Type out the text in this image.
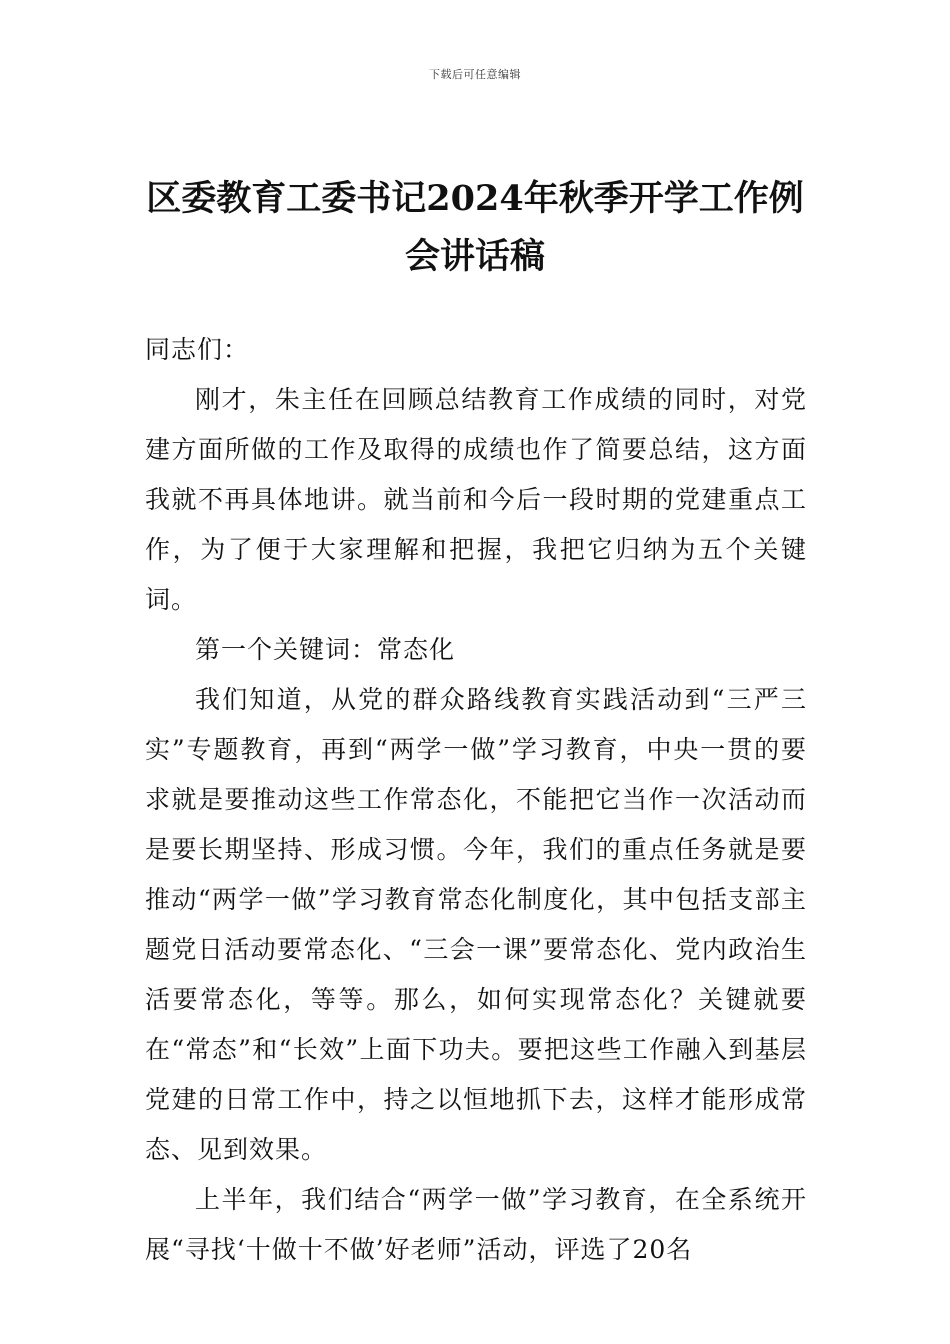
下载后可任意编辑
区委教育工委书记2024年秋季开学工作例会讲话稿

同志们：

刚才，朱主任在回顾总结教育工作成绩的同时，对党建方面所做的工作及取得的成绩也作了简要总结，这方面我就不再具体地讲。就当前和今后一段时期的党建重点工作，为了便于大家理解和把握，我把它归纳为五个关键词。

第一个关键词：常态化

我们知道，从党的群众路线教育实践活动到“三严三实”专题教育，再到“两学一做”学习教育，中央一贯的要求就是要推动这些工作常态化，不能把它当作一次活动而是要长期坚持、形成习惯。今年，我们的重点任务就是要推动“两学一做”学习教育常态化制度化，其中包括支部主题党日活动要常态化、“三会一课”要常态化、党内政治生活要常态化，等等。那么，如何实现常态化？关键就要在“常态”和“长效”上面下功夫。要把这些工作融入到基层党建的日常工作中，持之以恒地抓下去，这样才能形成常态、见到效果。

上半年，我们结合“两学一做”学习教育，在全系统开展“寻找‘十做十不做’好老师”活动，评选了20名
